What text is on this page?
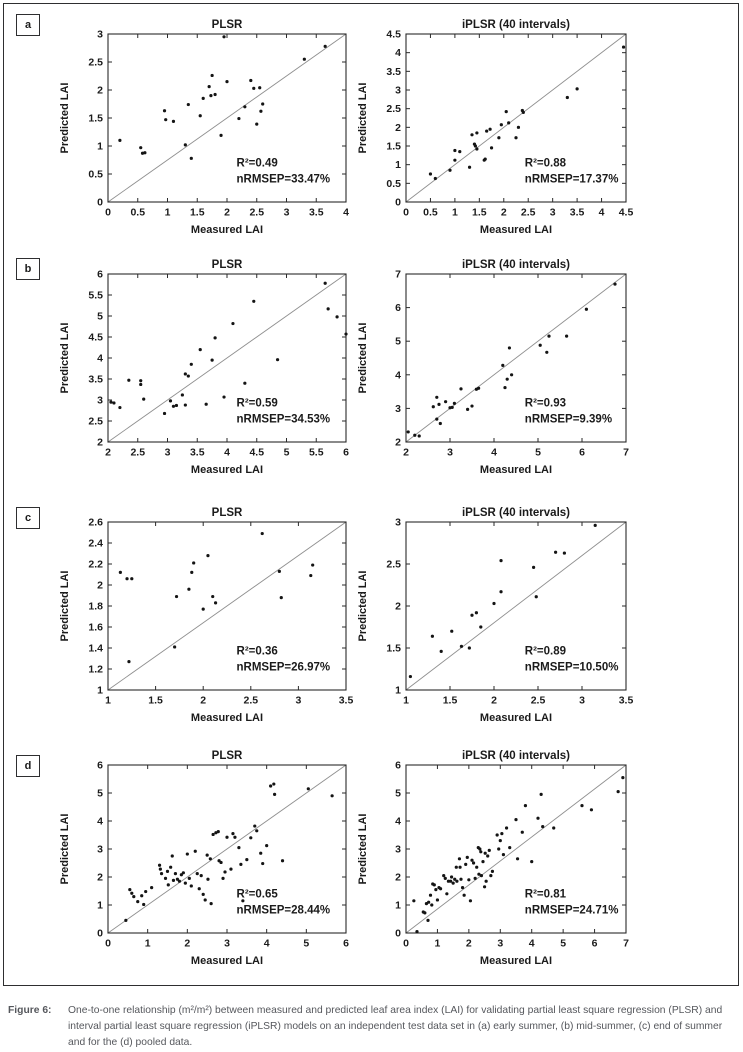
a
b
c
d
0 0.5 1 1.5 2 2.5 3 3.5 4
0
0.5
1
1.5
2
2.5
3
PLSR
Measured LAI
Predicted LAI
R²=0.49
nRMSEP=33.47%
0 0.5 1 1.5 2 2.5 3 3.5 4 4.5
0
0.5
1
1.5
2
2.5
3
3.5
4
4.5
iPLSR (40 intervals)
Measured LAI
Predicted LAI
R²=0.88
nRMSEP=17.37%
2 2.5 3 3.5 4 4.5 5 5.5 6
2
2.5
3
3.5
4
4.5
5
5.5
6
PLSR
Measured LAI
Predicted LAI
R²=0.59
nRMSEP=34.53%
2	3	4	5	6	7
2
3
4
5
6
7
iPLSR (40 intervals)
Measured LAI
Predicted LAI
R²=0.93
nRMSEP=9.39%
1	1.5	2	2.5	3	3.5
1
1.2
1.4
1.6
1.8
2
2.2
2.4
2.6
PLSR
Measured LAI
Predicted LAI
R²=0.36
nRMSEP=26.97%
1	1.5	2	2.5	3	3.5
1
1.5
2
2.5
3
iPLSR (40 intervals)
Measured LAI
Predicted LAI
R²=0.89
nRMSEP=10.50%
0	1	2	3	4	5	6
0
1
2
3
4
5
6
PLSR
Measured LAI
Predicted LAI
R²=0.65
nRMSEP=28.44%
0 1 2 3 4 5 6 7
0
1
2
3
4
5
6
iPLSR (40 intervals)
Measured LAI
Predicted LAI
R²=0.81
nRMSEP=24.71%
Figure 6: One-to-one relationship (m²/m²) between measured and predicted leaf area index (LAI) for validating partial least square regression (PLSR) and interval partial least square regression (iPLSR) models on an independent test data set in (a) early summer, (b) mid-summer, (c) end of summer and for the (d) pooled data.
